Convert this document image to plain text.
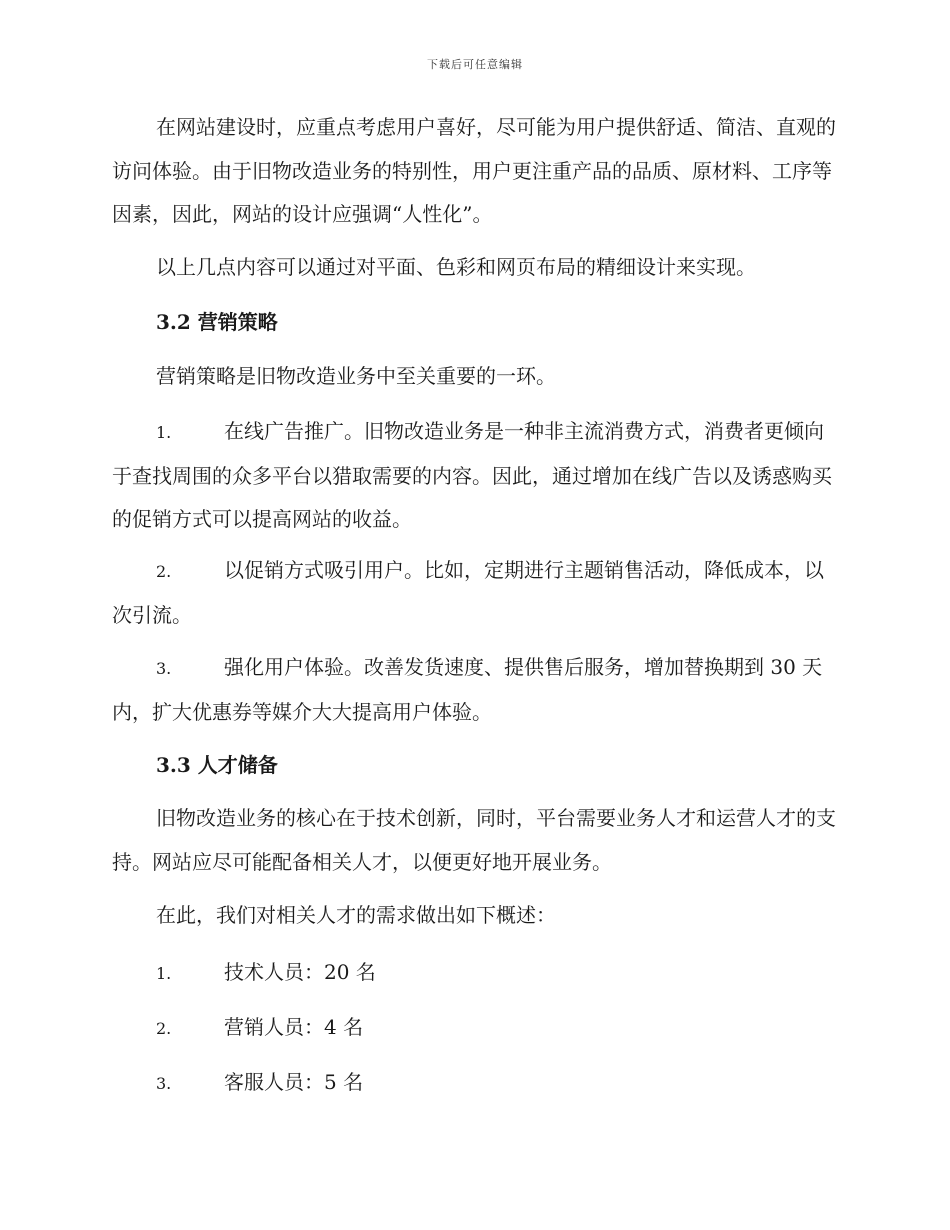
下载后可任意编辑

在网站建设时，应重点考虑用户喜好，尽可能为用户提供舒适、简洁、直观的访问体验。由于旧物改造业务的特别性，用户更注重产品的品质、原材料、工序等因素，因此，网站的设计应强调“人性化”。

以上几点内容可以通过对平面、色彩和网页布局的精细设计来实现。

3.2 营销策略

营销策略是旧物改造业务中至关重要的一环。

1.	在线广告推广。旧物改造业务是一种非主流消费方式，消费者更倾向于查找周围的众多平台以猎取需要的内容。因此，通过增加在线广告以及诱惑购买的促销方式可以提高网站的收益。

2.	以促销方式吸引用户。比如，定期进行主题销售活动，降低成本，以次引流。

3.	强化用户体验。改善发货速度、提供售后服务，增加替换期到 30 天内，扩大优惠券等媒介大大提高用户体验。

3.3 人才储备

旧物改造业务的核心在于技术创新，同时，平台需要业务人才和运营人才的支持。网站应尽可能配备相关人才，以便更好地开展业务。

在此，我们对相关人才的需求做出如下概述：

1.	技术人员：20 名

2.	营销人员：4 名

3.	客服人员：5 名
